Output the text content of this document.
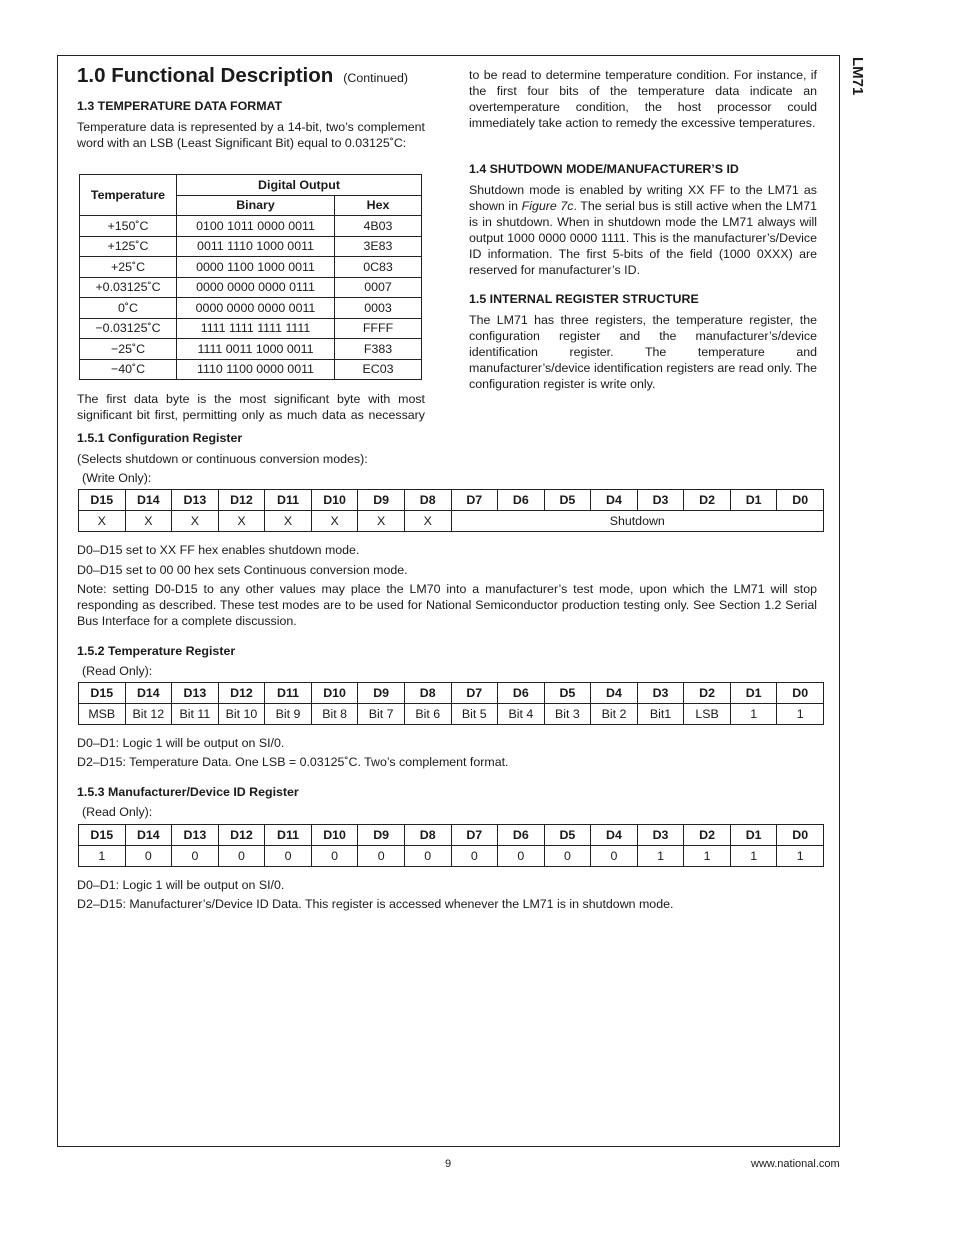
LM71
1.0 Functional Description (Continued)
1.3 TEMPERATURE DATA FORMAT
Temperature data is represented by a 14-bit, two’s complement word with an LSB (Least Significant Bit) equal to 0.03125˚C:
Temperature	Digital Output	
	Binary	Hex
+150˚C	0100 1011 0000 0011	4B03
+125˚C	0011 1110 1000 0011	3E83
+25˚C	0000 1100 1000 0011	0C83
+0.03125˚C	0000 0000 0000 0111	0007
0˚C	0000 0000 0000 0011	0003
−0.03125˚C	1111 1111 1111 1111	FFFF
−25˚C	1111 0011 1000 0011	F383
−40˚C	1110 1100 0000 0011	EC03
The first data byte is the most significant byte with most significant bit first, permitting only as much data as necessary
to be read to determine temperature condition. For instance, if the first four bits of the temperature data indicate an overtemperature condition, the host processor could immediately take action to remedy the excessive temperatures.
1.4 SHUTDOWN MODE/MANUFACTURER’S ID
Shutdown mode is enabled by writing XX FF to the LM71 as shown in Figure 7c. The serial bus is still active when the LM71 is in shutdown. When in shutdown mode the LM71 always will output 1000 0000 0000 1111. This is the manufacturer’s/Device ID information. The first 5-bits of the field (1000 0XXX) are reserved for manufacturer’s ID.
1.5 INTERNAL REGISTER STRUCTURE
The LM71 has three registers, the temperature register, the configuration register and the manufacturer’s/device identification register. The temperature and manufacturer’s/device identification registers are read only. The configuration register is write only.
1.5.1 Configuration Register
(Selects shutdown or continuous conversion modes):
(Write Only):
D15	D14	D13	D12	D11	D10	D9	D8	D7	D6	D5	D4	D3	D2	D1	D0
X	X	X	X	X	X	X	X	Shutdown							
D0–D15 set to XX FF hex enables shutdown mode.
D0–D15 set to 00 00 hex sets Continuous conversion mode.
Note: setting D0-D15 to any other values may place the LM70 into a manufacturer’s test mode, upon which the LM71 will stop responding as described. These test modes are to be used for National Semiconductor production testing only. See Section 1.2 Serial Bus Interface for a complete discussion.
1.5.2 Temperature Register
(Read Only):
D15	D14	D13	D12	D11	D10	D9	D8	D7	D6	D5	D4	D3	D2	D1	D0
MSB	Bit 12	Bit 11	Bit 10	Bit 9	Bit 8	Bit 7	Bit 6	Bit 5	Bit 4	Bit 3	Bit 2	Bit1	LSB	1	1
D0–D1: Logic 1 will be output on SI/0.
D2–D15: Temperature Data. One LSB = 0.03125˚C. Two’s complement format.
1.5.3 Manufacturer/Device ID Register
(Read Only):
D15	D14	D13	D12	D11	D10	D9	D8	D7	D6	D5	D4	D3	D2	D1	D0
1	0	0	0	0	0	0	0	0	0	0	0	1	1	1	1
D0–D1: Logic 1 will be output on SI/0.
D2–D15: Manufacturer’s/Device ID Data. This register is accessed whenever the LM71 is in shutdown mode.
9	www.national.com
